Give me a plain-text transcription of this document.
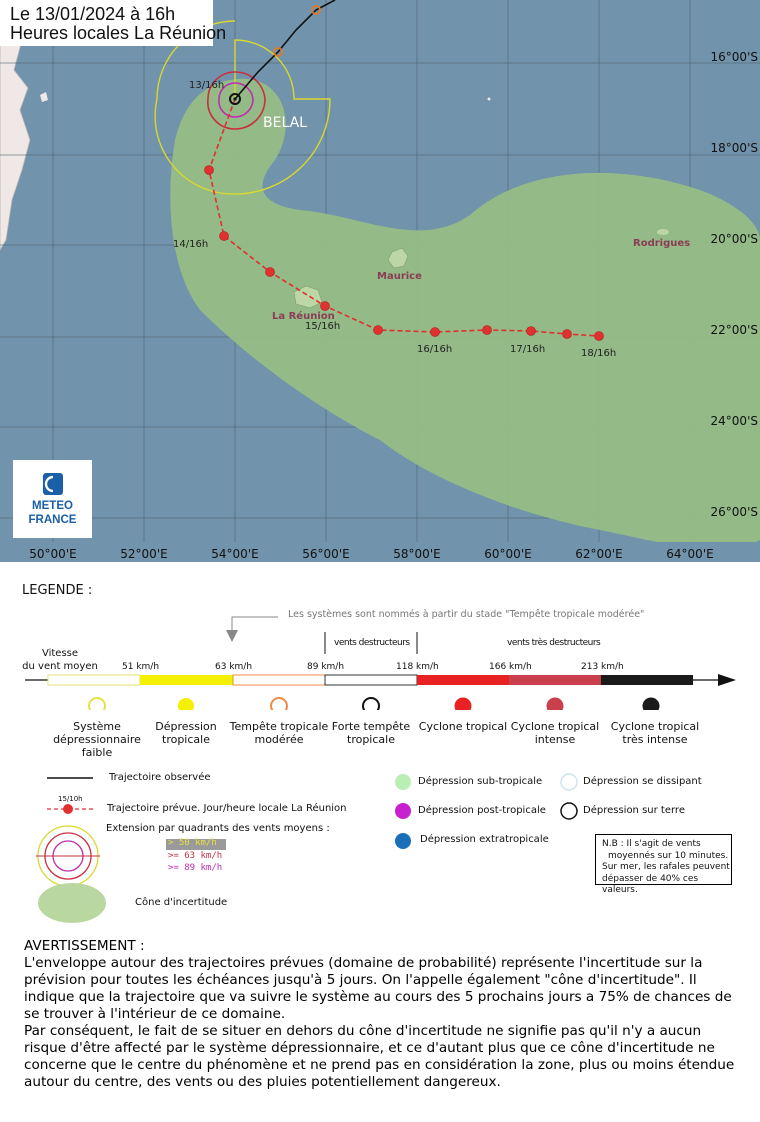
BELAL
13/16h
14/16h
15/16h
16/16h	17/16h	18/16h
Maurice
La Réunion
Rodrigues
16°00'S
18°00'S
20°00'S
22°00'S
24°00'S
26°00'S
50°00'E	52°00'E	54°00'E	56°00'E	58°00'E	60°00'E	62°00'E	64°00'E
Le 13/01/2024 à 16h
Heures locales La Réunion
METEO
FRANCE
LEGENDE :
Les systèmes sont nommés à partir du stade "Tempête tropicale modérée"
vents destructeurs	vents très destructeurs
Vitesse
du vent moyen	51 km/h	63 km/h	89 km/h	118 km/h	166 km/h	213 km/h
Système
dépressionnaire
faible
Dépression
tropicale
Tempête tropicale
modérée
Forte tempête
tropicale
Cyclone tropical Cyclone tropical
intense
Cyclone tropical
très intense
Trajectoire observée
15/10h
Trajectoire prévue. Jour/heure locale La Réunion
Extension par quadrants des vents moyens :
> 50 km/h
>= 63 km/h
>= 89 km/h
Cône d'incertitude
Dépression sub-tropicale
Dépression post-tropicale
Dépression extratropicale
Dépression se dissipant
Dépression sur terre
N.B : Il s'agit de vents
moyennés sur 10 minutes.
Sur mer, les rafales peuvent
dépasser de 40% ces valeurs.

AVERTISSEMENT :

L'enveloppe autour des trajectoires prévues (domaine de probabilité) représente l'incertitude sur la prévision pour toutes les échéances jusqu'à 5 jours. On l'appelle également "cône d'incertitude". Il indique que la trajectoire que va suivre le système au cours des 5 prochains jours a 75% de chances de se trouver à l'intérieur de ce domaine.

Par conséquent, le fait de se situer en dehors du cône d'incertitude ne signifie pas qu'il n'y a aucun risque d'être affecté par le système dépressionnaire, et ce d'autant plus que ce cône d'incertitude ne concerne que le centre du phénomène et ne prend pas en considération la zone, plus ou moins étendue autour du centre, des vents ou des pluies potentiellement dangereux.
